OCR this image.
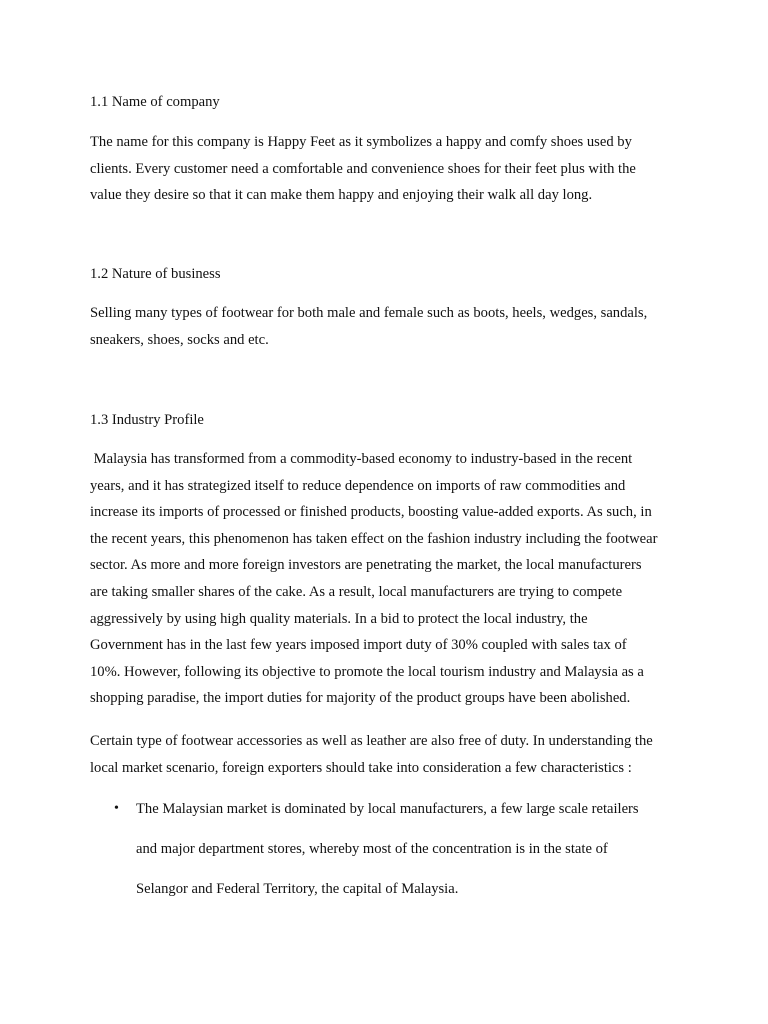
1.1 Name of company

The name for this company is Happy Feet as it symbolizes a happy and comfy shoes used by
clients. Every customer need a comfortable and convenience shoes for their feet plus with the
value they desire so that it can make them happy and enjoying their walk all day long.

1.2 Nature of business

Selling many types of footwear for both male and female such as boots, heels, wedges, sandals,
sneakers, shoes, socks and etc.

1.3 Industry Profile

Malaysia has transformed from a commodity-based economy to industry-based in the recent
years, and it has strategized itself to reduce dependence on imports of raw commodities and
increase its imports of processed or finished products, boosting value-added exports. As such, in
the recent years, this phenomenon has taken effect on the fashion industry including the footwear
sector. As more and more foreign investors are penetrating the market, the local manufacturers
are taking smaller shares of the cake. As a result, local manufacturers are trying to compete
aggressively by using high quality materials. In a bid to protect the local industry, the
Government has in the last few years imposed import duty of 30% coupled with sales tax of
10%. However, following its objective to promote the local tourism industry and Malaysia as a
shopping paradise, the import duties for majority of the product groups have been abolished.

Certain type of footwear accessories as well as leather are also free of duty. In understanding the
local market scenario, foreign exporters should take into consideration a few characteristics :

• The Malaysian market is dominated by local manufacturers, a few large scale retailers
and major department stores, whereby most of the concentration is in the state of
Selangor and Federal Territory, the capital of Malaysia.
